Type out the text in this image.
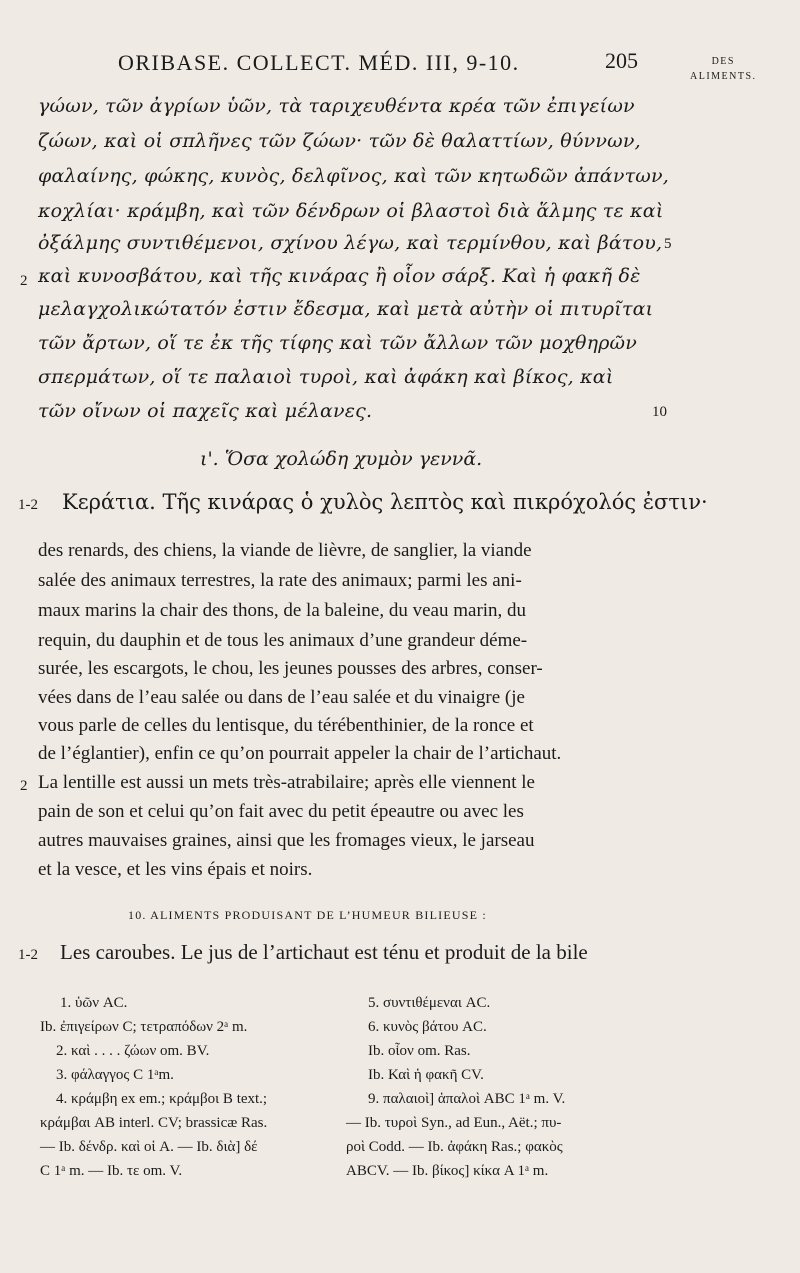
ORIBASE. COLLECT. MÉD. III, 9-10.	205	DES
ALIMENTS.
γώων, τῶν ἀγρίων ὑῶν, τὰ ταριχευθέντα κρέα τῶν ἐπιγείων
ζώων, καὶ οἱ σπλῆνες τῶν ζώων· τῶν δὲ θαλαττίων, θύννων,
φαλαίνης, φώκης, κυνὸς, δελφῖνος, καὶ τῶν κητωδῶν ἀπάντων,
κοχλίαι· κράμβη, καὶ τῶν δένδρων οἱ βλαστοὶ διὰ ἅλμης τε καὶ
ὀξάλμης συντιθέμενοι, σχίνου λέγω, καὶ τερμίνθου, καὶ βάτου,
καὶ κυνοσβάτου, καὶ τῆς κινάρας ἢ οἷον σάρξ. Καὶ ἡ φακῆ δὲ
μελαγχολικώτατόν ἐστιν ἔδεσμα, καὶ μετὰ αὐτὴν οἱ πιτυρῖται
τῶν ἄρτων, οἵ τε ἐκ τῆς τίφης καὶ τῶν ἄλλων τῶν μοχθηρῶν
σπερμάτων, οἵ τε παλαιοὶ τυροὶ, καὶ ἀφάκη καὶ βίκος, καὶ
τῶν οἴνων οἱ παχεῖς καὶ μέλανες.
5
2
10
ι'. Ὅσα χολώδη χυμὸν γεννᾶ.
1-2 Κεράτια. Τῆς κινάρας ὁ χυλὸς λεπτὸς καὶ πικρόχολός ἐστιν·
des renards, des chiens, la viande de lièvre, de sanglier, la viande
salée des animaux terrestres, la rate des animaux; parmi les ani-
maux marins la chair des thons, de la baleine, du veau marin, du
requin, du dauphin et de tous les animaux d’une grandeur déme-
surée, les escargots, le chou, les jeunes pousses des arbres, conser-
vées dans de l’eau salée ou dans de l’eau salée et du vinaigre (je
vous parle de celles du lentisque, du térébenthinier, de la ronce et
de l’églantier), enfin ce qu’on pourrait appeler la chair de l’artichaut.
La lentille est aussi un mets très-atrabilaire; après elle viennent le
pain de son et celui qu’on fait avec du petit épeautre ou avec les
autres mauvaises graines, ainsi que les fromages vieux, le jarseau
et la vesce, et les vins épais et noirs.
2
10. ALIMENTS PRODUISANT DE L’HUMEUR BILIEUSE :
1-2 Les caroubes. Le jus de l’artichaut est ténu et produit de la bile
1. ὑῶν AC.
Ib. ἐπιγείρων C; τετραπόδων 2ᵃ m.
2. καὶ . . . . ζώων om. BV.
3. φάλαγγος C 1ᵃm.
4. κράμβη ex em.; κράμβοι B text.;
κράμβαι AB interl. CV; brassicæ Ras.
— Ib. δένδρ. καὶ οἱ A. — Ib. διὰ] δέ
C 1ᵃ m. — Ib. τε om. V.
5. συντιθέμεναι AC.
6. κυνὸς βάτου AC.
Ib. οἷον om. Ras.
Ib. Καὶ ἡ φακῆ CV.
9. παλαιοὶ] ἁπαλοὶ ABC 1ᵃ m. V.
— Ib. τυροὶ Syn., ad Eun., Aët.; πυ-
ροὶ Codd. — Ib. ἀφάκη Ras.; φακὸς
ABCV. — Ib. βίκος] κίκα A 1ᵃ m.
